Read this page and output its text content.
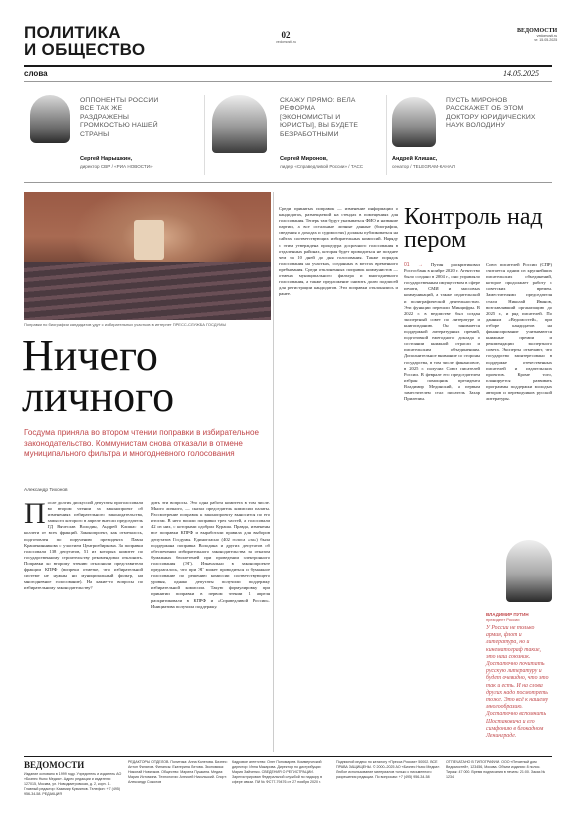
ПОЛИТИКА
И ОБЩЕСТВО
02
vedomosti.ru
ВЕДОМОСТИ
vedomosti.ru
чт. 15.05.2025
слова	14.05.2025
ОППОНЕНТЫ РОССИИ ВСЕ ТАК ЖЕ РАЗДРАЖЕНЫ ГРОМКОСТЬЮ НАШЕЙ СТРАНЫ
Сергей Нарышкин,
директор СВР / «РИА НОВОСТИ»
СКАЖУ ПРЯМО: ВЕЛА РЕФОРМА [ЭКОНОМИСТЫ И ЮРИСТЫ], ВЫ БУДЕТЕ БЕЗРАБОТНЫМИ
Сергей Миронов,
лидер «Справедливой России» / ТАСС
ПУСТЬ МИРОНОВ РАССКАЖЕТ ОБ ЭТОМ ДОКТОРУ ЮРИДИЧЕСКИХ НАУК ВОЛОДИНУ
Андрей Клишас,
сенатор / TELEGRAM-КАНАЛ
Поправки по биографии кандидатов удут с избирательных участков в интернет ПРЕСС-СЛУЖБА ГОСДУМЫ
Ничего личного
Госдума приняла во втором чтении поправки в избирательное законодательство. Коммунистам снова отказали в отмене муниципального фильтра и многодневного голосования
Александр Тихонов
После долгих дискуссий депутаты проголосовали во втором чтении за законопроект об изменениях избирательного законодательства, замысел которого в апреле внесли председатель ГД Вячеслав Володин, Андрей Клишас и коллеги от всех фракций. Законопроект, как отмечалось, подготовлен по поручению президента Павла Крашенинникова с участием Центризбиркома. За поправки голосовали 138 депутатов, 51 из которых комитет по государственному строительству рекомендовал отклонить. Поправки ко второму чтению отклонили представители фракции КПРФ (вопреки отметке, что избирательной системе не нужны ни муниципальный фильтр, ни многодневное голосование). На какие-то вопросы по избирательному законодательству?
дить эти вопросы. Это одна работа комитета в том числе. Много личного, — сказал председатель комиссии палаты. Рассмотрение поправок к законопроекту выносится по его итогам. В него вошли поправки трех частей, а голосовали 42 из них, с которыми одобрил Кураша. Правда, изменены все поправки КПРФ и выработали правила для выборов депутатов Госдумы. Единогласно (402 голоса «за») была поддержана поправка Володина и других депутатов об обеспечении избирательного законодательства за отказом бумажных бюллетеней при проведении электронного голосования (ЭГ). Изначально в законопроекте предлагалось, что при ЭГ может проводиться и бумажное голосование по решению комиссии соответствующего уровня, однако депутаты получили поддержку избирательной комиссии. Такую формулировку при принятии поправки в первом чтении 1 апреля раскритиковали в КПРФ и «Справедливой России». Инициатива получила поддержку.
Среди принятых поправок — изменение информации о кандидатах, размещаемой на стендах в помещениях для голосования. Теперь там будут указываться ФИО и название партии, а все остальные личные данные (биография, сведения о доходах и судимостях) должны публиковаться на сайтах соответствующих избирательных комиссий. Наряду с этим утверждена процедура досрочного голосования в отдаленных районах, которая будет проводиться не позднее чем за 10 дней до дня голосования. Также порядок голосования на участках, созданных в местах временного пребывания. Среди отклоненных поправок коммунистов — отмена муниципального фильтра и многодневного голосования, а также предложение снизить долю подписей для регистрации кандидатов. Эти поправки отклонялись и ранее.
Контроль над пером
01 → Путин раскритиковал Росгосбанк в ноябре 2020 г. Агентство было создано в 2004 г., оно управляло государственным имуществом в сфере печати, СМИ и массовых коммуникаций, а также издательской и полиграфической деятельностью. Эти функции перешли Минцифры. В 2022 г. в ведомстве был создан экспертный совет по литературе и книгоизданию. Он занимается поддержкой литературных премий, подготовкой ежегодного доклада о состоянии книжной отрасли и писательским объединениям. Дополнительное внимание со стороны государства, в том числе финансовое, в 2025 г. получил Союз писателей России. В феврале его председателем избран помощник президента Владимир Мединский, а первым заместителем стал писатель Захар Прилепин.
Союз писателей России (СПР) считается одним из крупнейших писательских объединений, которое продолжает работу с советских времен. Заместителями председателя стали Николай Иванов, возглавлявший организацию до 2025 г., и ряд писателей. По данным «Ведомостей», при отборе кандидатов на финансирование учитываются книжные премии и рекомендации экспертного совета. Эксперты отмечают, что государство заинтересовано в поддержке отечественных писателей и издательских проектов. Кроме того, планируется развивать программы поддержки молодых авторов и переводчиков русской литературы.
ВЛАДИМИР ПУТИН
президент России
У России не только армия, флот и литература, но и кинематограф такие, это наш союзник. Достаточно почитать русскую литературу и будет очевидно, что это так и есть. И на слова других надо посмотреть тоже. Это всё к нашему многообразию. Достаточно вспомнить Шостаковича и его симфонию в блокадном Ленинграде.
ВЕДОМОСТИ
Издание основано в 1999 году. Учредитель и издатель АО «Бизнес Ньюс Медиа». Адрес редакции и издателя: 127015, Москва, ул. Новодмитровская, д. 2, корп. 1. Главный редактор: Казимир Кузминов. Телефон: +7 (495) 956-34-58. РЕДАКЦИЯ
РЕДАКТОРЫ ОТДЕЛОВ. Политика: Анна Колегова. Бизнес: Антон Филатов. Финансы: Екатерина Литова. Экономика: Николай Новичков. Общество: Марина Пушкина. Медиа: Мария Истомина. Технологии: Алексей Никольский. Спорт: Александр Соколов
Кадровое агентство: Олег Пономарев. Коммерческий директор: Инна Макарова. Директор по дистрибуции: Мария Зайченко. СВЕДЕНИЯ О РЕГИСТРАЦИИ. Зарегистрирован Федеральной службой по надзору в сфере связи. ПИ № ФС77-79476 от 27 ноября 2020 г.
Подписной индекс по каталогу «Пресса России» 50002. ВСЕ ПРАВА ЗАЩИЩЕНЫ. © 2000–2025 АО «Бизнес Ньюс Медиа». Любое использование материалов только с письменного разрешения редакции. По вопросам: +7 (495) 956-34-58
ОТПЕЧАТАНО В ТИПОГРАФИИ. ООО «Печатный дом Ведомостей», 123456, Москва. Объем издания: 8 полос. Тираж: 47 000. Время подписания в печать: 21:00. Заказ № 1234
